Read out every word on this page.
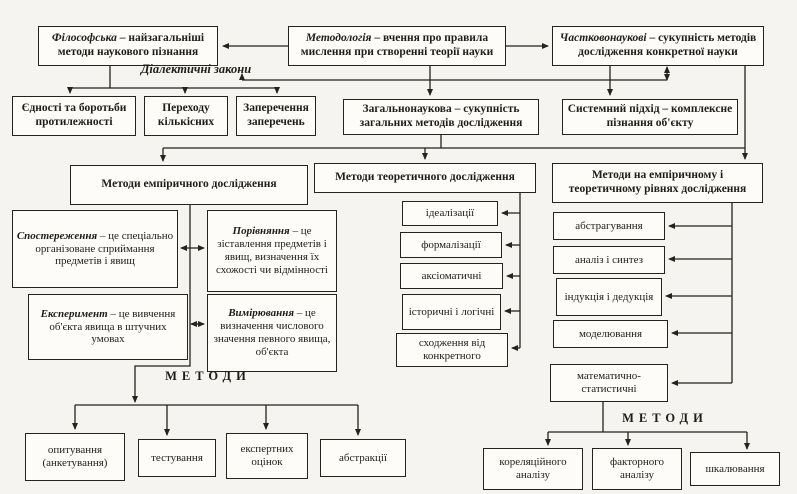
Філософська – найзагальніші методи наукового пізнання
Методологія – вчення про правила мислення при створенні теорії науки
Частковонаукові – сукупність методів дослідження конкретної науки
Діалектичні закони
Єдності та боротьби протилежності
Переходу кількісних
Заперечення заперечень
Загальнонаукова – сукупність загальних методів дослідження
Системний підхід – комплексне пізнання об'єкту
Методи емпіричного дослідження
Методи теоретичного дослідження	Методи на емпіричному і теоретичному рівнях дослідження
Спостереження – це спеціально організоване сприймання предметів і явищ
Порівняння – це зіставлення предметів і явищ, визначення їх схожості чи відмінності
Експеримент – це вивчення об'єкта явища в штучних умовах
Вимірювання – це визначення числового значення певного явища, об'єкта
ідеалізації
формалізації
аксіоматичні
історичні і логічні
сходження від конкретного
абстрагування
аналіз і синтез
індукція і дедукція
моделювання
математично-статистичні
МЕТОДИ
опитування (анкетування)	тестування
експертних оцінок	абстракції
МЕТОДИ
кореляційного аналізу
факторного аналізу
шкалювання
